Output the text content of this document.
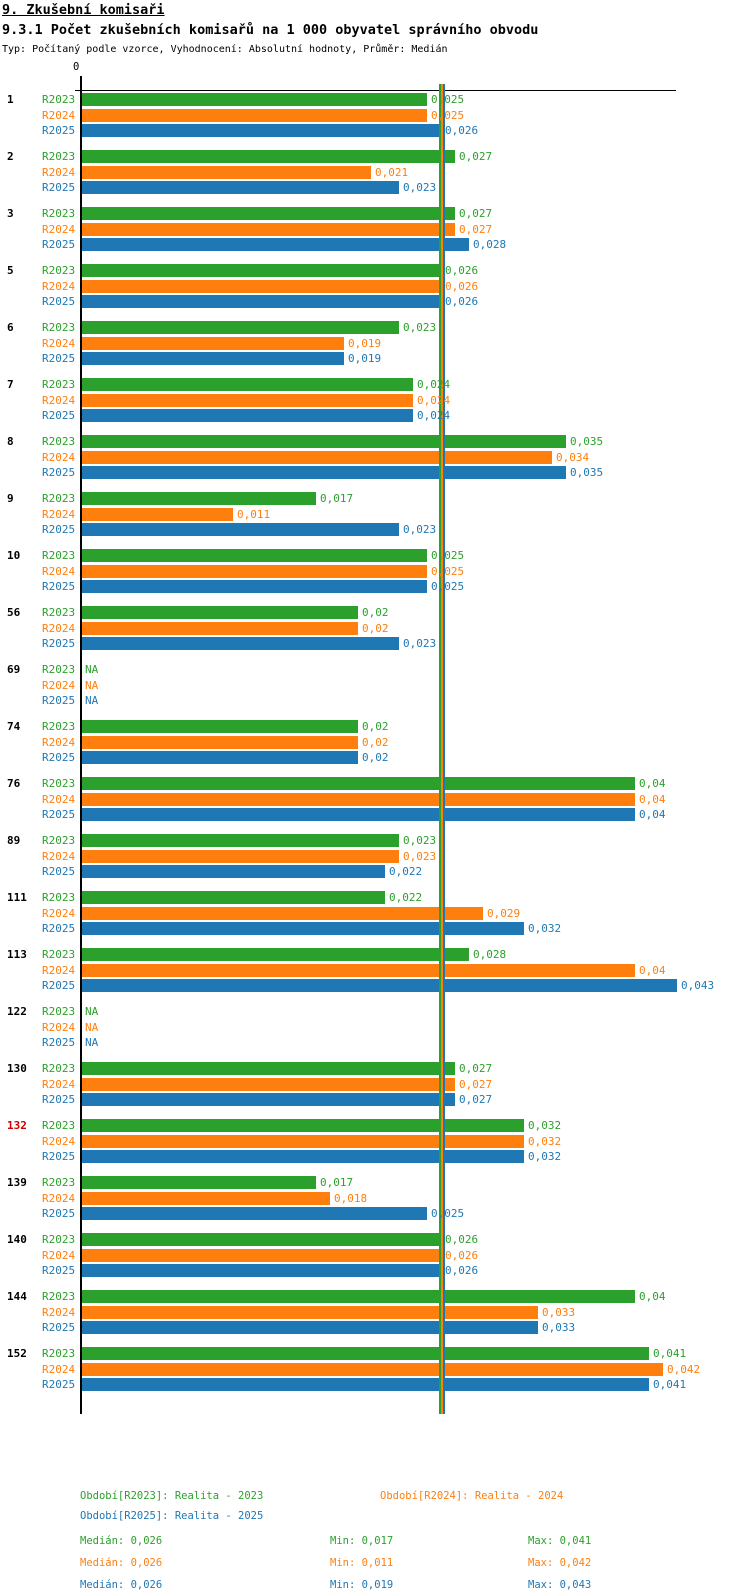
9. Zkušební komisaři
9.3.1 Počet zkušebních komisařů na 1 000 obyvatel správního obvodu
Typ: Počítaný podle vzorce, Vyhodnocení: Absolutní hodnoty, Průměr: Medián
0
1	R2023	0,025
R2024	0,025
R2025	0,026
2	R2023	0,027
R2024	0,021
R2025	0,023
3	R2023	0,027
R2024	0,027
R2025	0,028
5	R2023	0,026
R2024	0,026
R2025	0,026
6	R2023	0,023
R2024	0,019
R2025	0,019
7	R2023	0,024
R2024	0,024
R2025	0,024
8	R2023	0,035
R2024	0,034
R2025	0,035
9	R2023	0,017
R2024	0,011
R2025	0,023
10	R2023	0,025
R2024	0,025
R2025	0,025
56	R2023	0,02
R2024	0,02
R2025	0,023
69	R2023 NA
R2024 NA
R2025 NA
74	R2023	0,02
R2024	0,02
R2025	0,02
76	R2023	0,04
R2024	0,04
R2025	0,04
89	R2023	0,023
R2024	0,023
R2025	0,022
111	R2023	0,022
R2024	0,029
R2025	0,032
113	R2023	0,028
R2024	0,04
R2025	0,043
122	R2023 NA
R2024 NA
R2025 NA
130	R2023	0,027
R2024	0,027
R2025	0,027
132	R2023	0,032
R2024	0,032
R2025	0,032
139	R2023	0,017
R2024	0,018
R2025	0,025
140	R2023	0,026
R2024	0,026
R2025	0,026
144	R2023	0,04
R2024	0,033
R2025	0,033
152	R2023	0,041
R2024	0,042
R2025	0,041
Období[R2023]: Realita - 2023	Období[R2024]: Realita - 2024
Období[R2025]: Realita - 2025
Medián: 0,026	Min: 0,017	Max: 0,041
Medián: 0,026	Min: 0,011	Max: 0,042
Medián: 0,026	Min: 0,019	Max: 0,043
